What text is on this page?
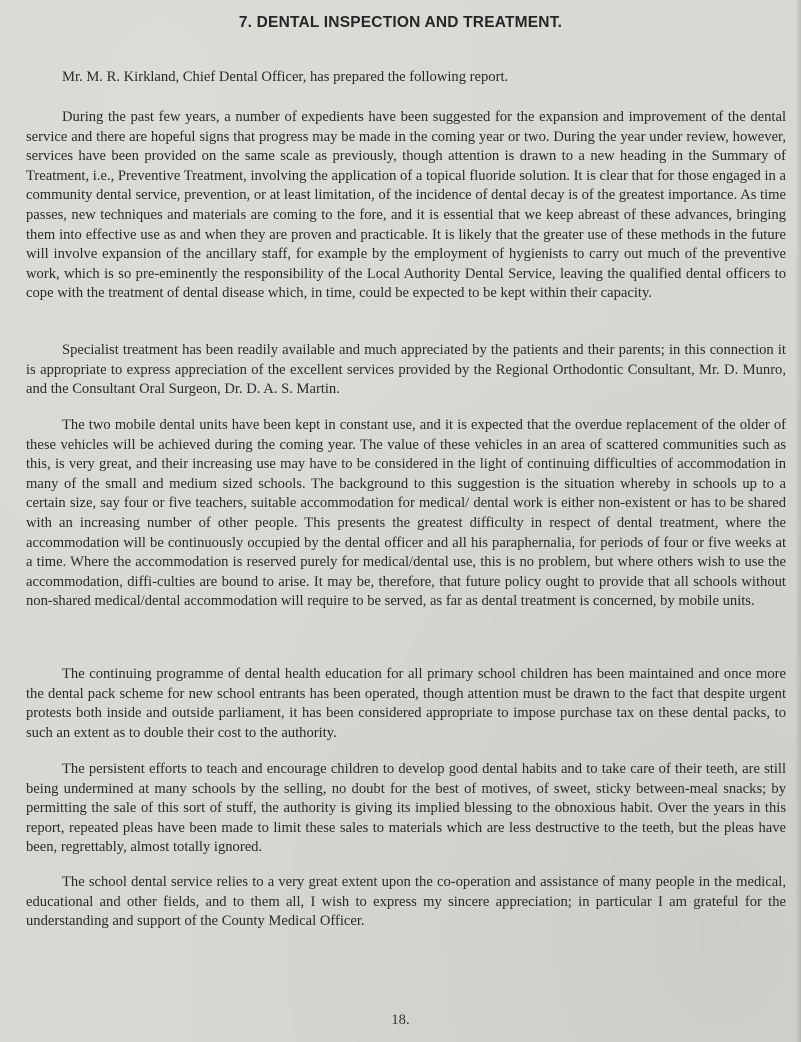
7. DENTAL INSPECTION AND TREATMENT.

Mr. M. R. Kirkland, Chief Dental Officer, has prepared the following report.

During the past few years, a number of expedients have been suggested for the expansion and improvement of the dental service and there are hopeful signs that progress may be made in the coming year or two. During the year under review, however, services have been provided on the same scale as previously, though attention is drawn to a new heading in the Summary of Treatment, i.e., Preventive Treatment, involving the application of a topical fluoride solution. It is clear that for those engaged in a community dental service, prevention, or at least limitation, of the incidence of dental decay is of the greatest importance. As time passes, new techniques and materials are coming to the fore, and it is essential that we keep abreast of these advances, bringing them into effective use as and when they are proven and practicable. It is likely that the greater use of these methods in the future will involve expansion of the ancillary staff, for example by the employment of hygienists to carry out much of the preventive work, which is so pre-eminently the responsibility of the Local Authority Dental Service, leaving the qualified dental officers to cope with the treatment of dental disease which, in time, could be expected to be kept within their capacity.

Specialist treatment has been readily available and much appreciated by the patients and their parents; in this connection it is appropriate to express appreciation of the excellent services provided by the Regional Orthodontic Consultant, Mr. D. Munro, and the Consultant Oral Surgeon, Dr. D. A. S. Martin.

The two mobile dental units have been kept in constant use, and it is expected that the overdue replacement of the older of these vehicles will be achieved during the coming year. The value of these vehicles in an area of scattered communities such as this, is very great, and their increasing use may have to be considered in the light of continuing difficulties of accommodation in many of the small and medium sized schools. The background to this suggestion is the situation whereby in schools up to a certain size, say four or five teachers, suitable accommodation for medical/ dental work is either non-existent or has to be shared with an increasing number of other people. This presents the greatest difficulty in respect of dental treatment, where the accommodation will be continuously occupied by the dental officer and all his paraphernalia, for periods of four or five weeks at a time. Where the accommodation is reserved purely for medical/dental use, this is no problem, but where others wish to use the accommodation, diffi-culties are bound to arise. It may be, therefore, that future policy ought to provide that all schools without non-shared medical/dental accommodation will require to be served, as far as dental treatment is concerned, by mobile units.

The continuing programme of dental health education for all primary school children has been maintained and once more the dental pack scheme for new school entrants has been operated, though attention must be drawn to the fact that despite urgent protests both inside and outside parliament, it has been considered appropriate to impose purchase tax on these dental packs, to such an extent as to double their cost to the authority.

The persistent efforts to teach and encourage children to develop good dental habits and to take care of their teeth, are still being undermined at many schools by the selling, no doubt for the best of motives, of sweet, sticky between-meal snacks; by permitting the sale of this sort of stuff, the authority is giving its implied blessing to the obnoxious habit. Over the years in this report, repeated pleas have been made to limit these sales to materials which are less destructive to the teeth, but the pleas have been, regrettably, almost totally ignored.

The school dental service relies to a very great extent upon the co-operation and assistance of many people in the medical, educational and other fields, and to them all, I wish to express my sincere appreciation; in particular I am grateful for the understanding and support of the County Medical Officer.

18.
